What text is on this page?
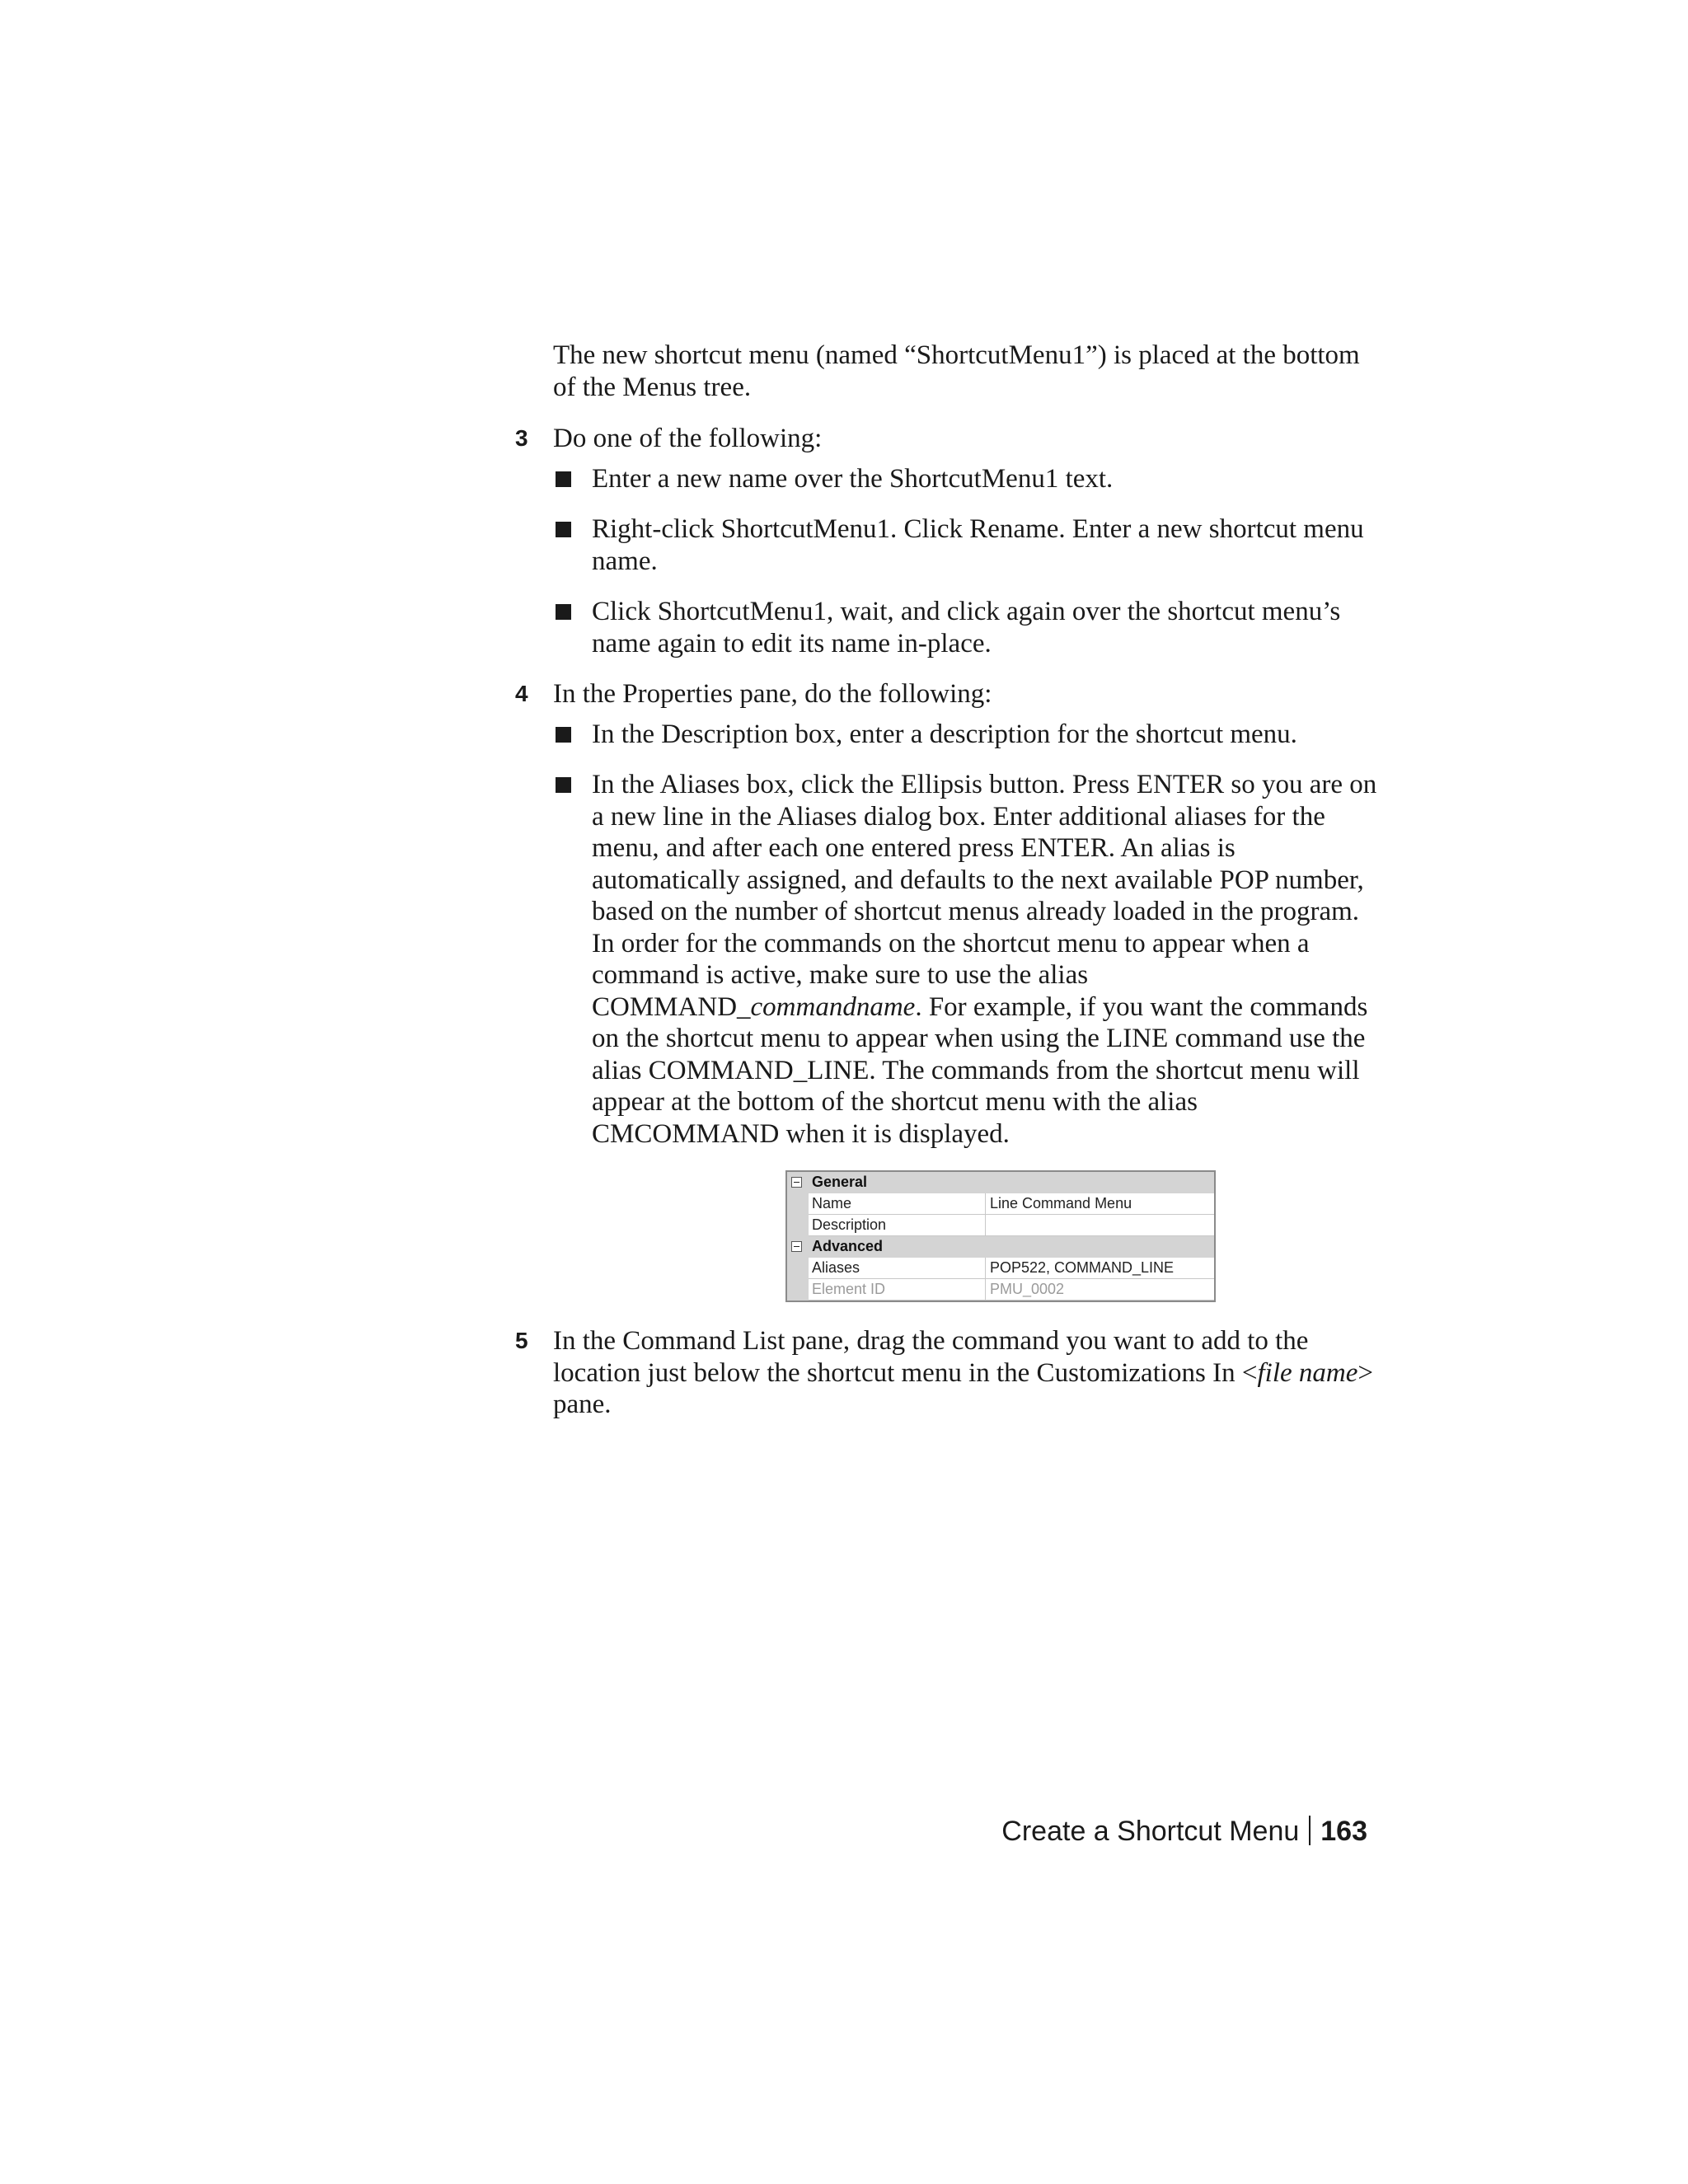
The new shortcut menu (named “ShortcutMenu1”) is placed at the bottom of the Menus tree.

3 Do one of the following:

Enter a new name over the ShortcutMenu1 text.
Right-click ShortcutMenu1. Click Rename. Enter a new shortcut menu name.
Click ShortcutMenu1, wait, and click again over the shortcut menu’s name again to edit its name in-place.
4 In the Properties pane, do the following:

In the Description box, enter a description for the shortcut menu.
In the Aliases box, click the Ellipsis button. Press ENTER so you are on a new line in the Aliases dialog box. Enter additional aliases for the menu, and after each one entered press ENTER. An alias is automatically assigned, and defaults to the next available POP number, based on the number of shortcut menus already loaded in the program. In order for the commands on the shortcut menu to appear when a command is active, make sure to use the alias COMMAND_commandname. For example, if you want the commands on the shortcut menu to appear when using the LINE command use the alias COMMAND_LINE. The commands from the shortcut menu will appear at the bottom of the shortcut menu with the alias CMCOMMAND when it is displayed.
General
Name	Line Command Menu
Description
Advanced
Aliases	POP522, COMMAND_LINE
Element ID	PMU_0002
5 In the Command List pane, drag the command you want to add to the location just below the shortcut menu in the Customizations In <file name> pane.

Create a Shortcut Menu 163
